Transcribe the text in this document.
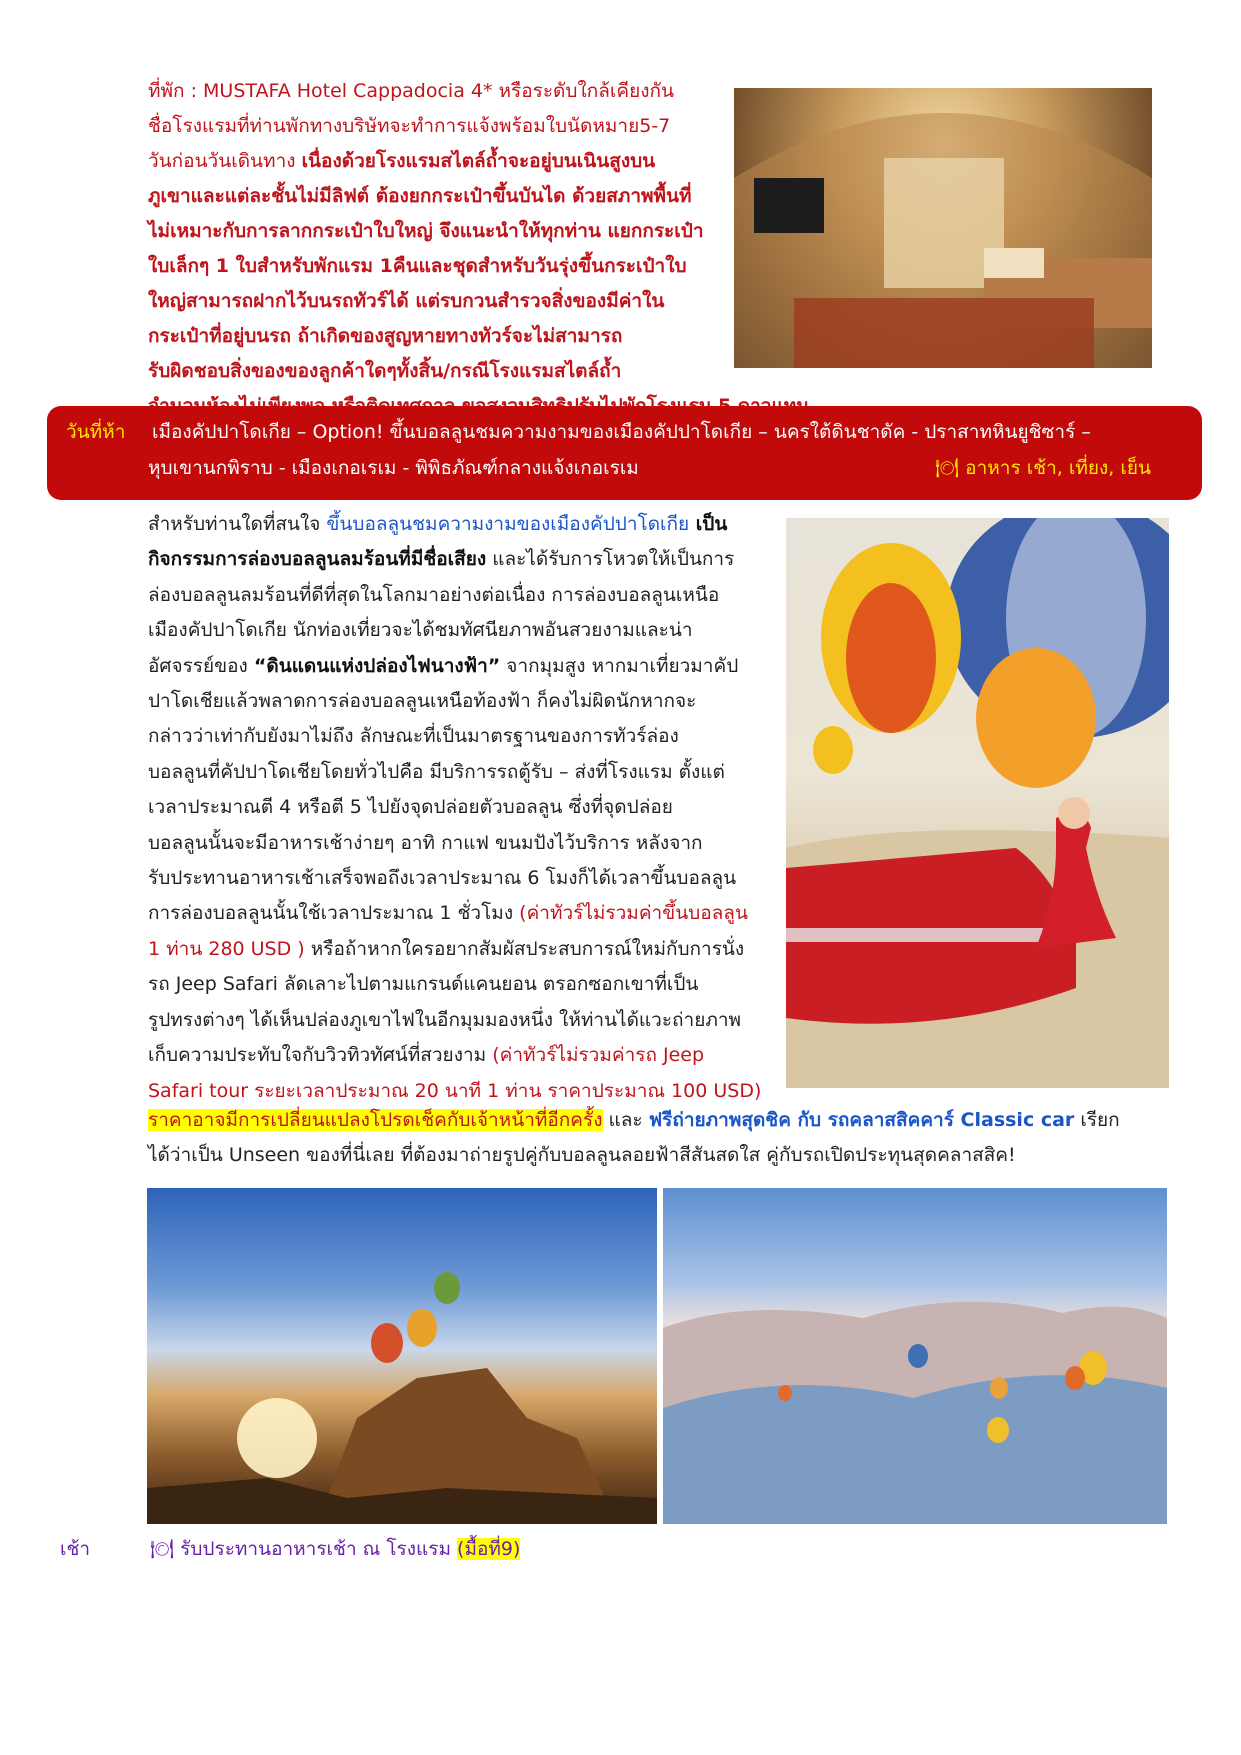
ที่พัก : MUSTAFA Hotel Cappadocia 4* หรือระดับใกล้เคียงกัน
ชื่อโรงแรมที่ท่านพักทางบริษัทจะทำการแจ้งพร้อมใบนัดหมาย5-7
วันก่อนวันเดินทาง เนื่องด้วยโรงแรมสไตล์ถ้ำจะอยู่บนเนินสูงบน
ภูเขาและแต่ละชั้นไม่มีลิฟต์ ต้องยกกระเป๋าขึ้นบันได ด้วยสภาพพื้นที่
ไม่เหมาะกับการลากกระเป๋าใบใหญ่ จึงแนะนำให้ทุกท่าน แยกกระเป๋า
ใบเล็กๆ 1 ใบสำหรับพักแรม 1คืนและชุดสำหรับวันรุ่งขึ้นกระเป๋าใบ
ใหญ่สามารถฝากไว้บนรถทัวร์ได้ แต่รบกวนสำรวจสิ่งของมีค่าใน
กระเป๋าที่อยู่บนรถ ถ้าเกิดของสูญหายทางทัวร์จะไม่สามารถ
รับผิดชอบสิ่งของของลูกค้าใดๆทั้งสิ้น/กรณีโรงแรมสไตล์ถ้ำ
วันที่ห้า เมืองคัปปาโดเกีย – Option! ขึ้นบอลลูนชมความงามของเมืองคัปปาโดเกีย – นครใต้ดินชาดัค - ปราสาทหินยูชิซาร์ –
หุบเขานกพิราบ - เมืองเกอเรเม - พิพิธภัณฑ์กลางแจ้งเกอเรเม	🍽 อาหาร เช้า, เที่ยง, เย็น
สำหรับท่านใดที่สนใจ ขึ้นบอลลูนชมความงามของเมืองคัปปาโดเกีย เป็น
กิจกรรมการล่องบอลลูนลมร้อนที่มีชื่อเสียง และได้รับการโหวตให้เป็นการ
ล่องบอลลูนลมร้อนที่ดีที่สุดในโลกมาอย่างต่อเนื่อง การล่องบอลลูนเหนือ
เมืองคัปปาโดเกีย นักท่องเที่ยวจะได้ชมทัศนียภาพอันสวยงามและน่า
อัศจรรย์ของ “ดินแดนแห่งปล่องไฟนางฟ้า” จากมุมสูง หากมาเที่ยวมาคัป
ปาโดเชียแล้วพลาดการล่องบอลลูนเหนือท้องฟ้า ก็คงไม่ผิดนักหากจะ
กล่าวว่าเท่ากับยังมาไม่ถึง ลักษณะที่เป็นมาตรฐานของการทัวร์ล่อง
บอลลูนที่คัปปาโดเชียโดยทั่วไปคือ มีบริการรถตู้รับ – ส่งที่โรงแรม ตั้งแต่
เวลาประมาณตี 4 หรือตี 5 ไปยังจุดปล่อยตัวบอลลูน ซึ่งที่จุดปล่อย
บอลลูนนั้นจะมีอาหารเช้าง่ายๆ อาทิ กาแฟ ขนมปังไว้บริการ หลังจาก
รับประทานอาหารเช้าเสร็จพอถึงเวลาประมาณ 6 โมงก็ได้เวลาขึ้นบอลลูน
การล่องบอลลูนนั้นใช้เวลาประมาณ 1 ชั่วโมง (ค่าทัวร์ไม่รวมค่าขึ้นบอลลูน
1 ท่าน 280 USD ) หรือถ้าหากใครอยากสัมผัสประสบการณ์ใหม่กับการนั่ง
รถ Jeep Safari ลัดเลาะไปตามแกรนด์แคนยอน ตรอกซอกเขาที่เป็น
รูปทรงต่างๆ ได้เห็นปล่องภูเขาไฟในอีกมุมมองหนึ่ง ให้ท่านได้แวะถ่ายภาพ
เก็บความประทับใจกับวิวทิวทัศน์ที่สวยงาม (ค่าทัวร์ไม่รวมค่ารถ Jeep
Safari tour ระยะเวลาประมาณ 20 นาที 1 ท่าน ราคาประมาณ 100 USD)
ราคาอาจมีการเปลี่ยนแปลงโปรดเช็คกับเจ้าหน้าที่อีกครั้ง และ ฟรีถ่ายภาพสุดชิค กับ รถคลาสสิคคาร์ Classic car เรียก
ได้ว่าเป็น Unseen ของที่นี่เลย ที่ต้องมาถ่ายรูปคู่กับบอลลูนลอยฟ้าสีสันสดใส คู่กับรถเปิดประทุนสุดคลาสสิค!
เช้า	🍽 รับประทานอาหารเช้า ณ โรงแรม (มื้อที่9)
